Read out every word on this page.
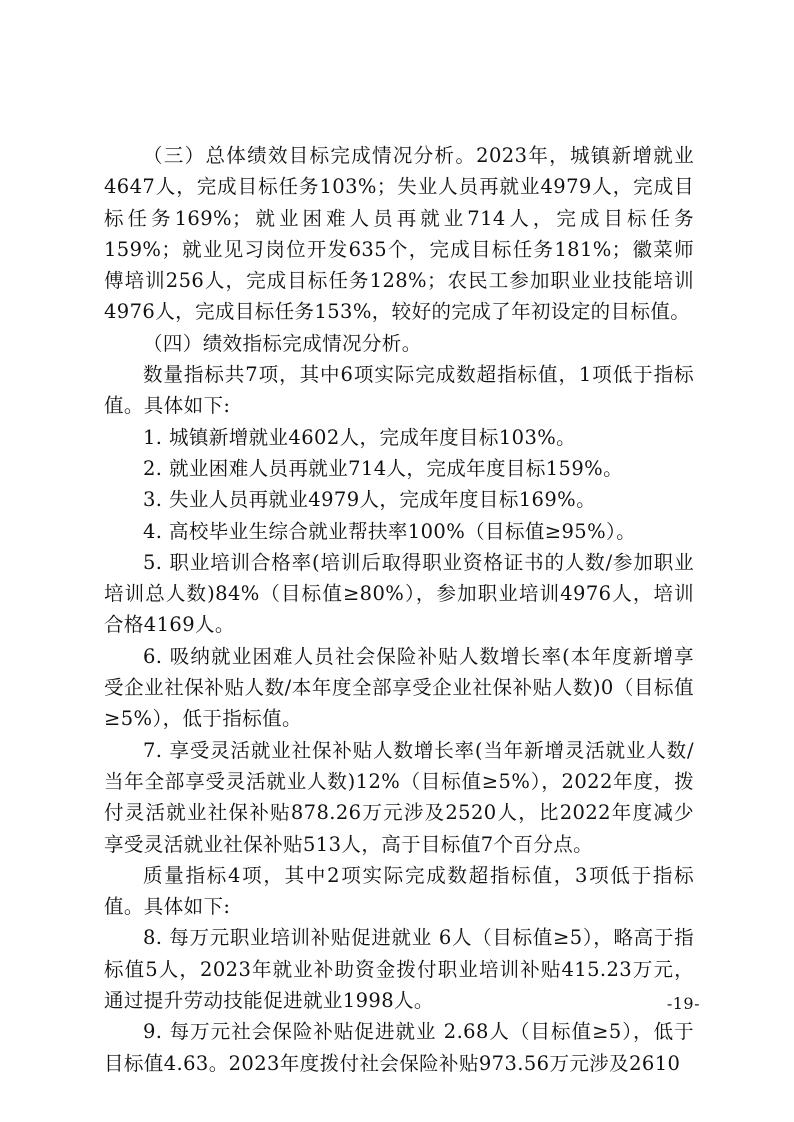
（三）总体绩效目标完成情况分析。2023年，城镇新增就业4647人，完成目标任务103%；失业人员再就业4979人，完成目标任务169%；就业困难人员再就业714人，完成目标任务159%；就业见习岗位开发635个，完成目标任务181%；徽菜师傅培训256人，完成目标任务128%；农民工参加职业业技能培训4976人，完成目标任务153%，较好的完成了年初设定的目标值。

（四）绩效指标完成情况分析。

数量指标共7项，其中6项实际完成数超指标值，1项低于指标值。具体如下:

1. 城镇新增就业4602人，完成年度目标103%。

2. 就业困难人员再就业714人，完成年度目标159%。

3. 失业人员再就业4979人，完成年度目标169%。

4. 高校毕业生综合就业帮扶率100%（目标值≥95%）。

5. 职业培训合格率(培训后取得职业资格证书的人数/参加职业培训总人数)84%（目标值≥80%），参加职业培训4976人，培训合格4169人。

6. 吸纳就业困难人员社会保险补贴人数增长率(本年度新增享受企业社保补贴人数/本年度全部享受企业社保补贴人数)0（目标值≥5%），低于指标值。

7. 享受灵活就业社保补贴人数增长率(当年新增灵活就业人数/当年全部享受灵活就业人数)12%（目标值≥5%），2022年度，拨付灵活就业社保补贴878.26万元涉及2520人，比2022年度减少享受灵活就业社保补贴513人，高于目标值7个百分点。

质量指标4项，其中2项实际完成数超指标值，3项低于指标值。具体如下:

8. 每万元职业培训补贴促进就业 6人（目标值≥5），略高于指标值5人，2023年就业补助资金拨付职业培训补贴415.23万元，通过提升劳动技能促进就业1998人。

9. 每万元社会保险补贴促进就业 2.68人（目标值≥5），低于目标值4.63。2023年度拨付社会保险补贴973.56万元涉及2610

-19-
